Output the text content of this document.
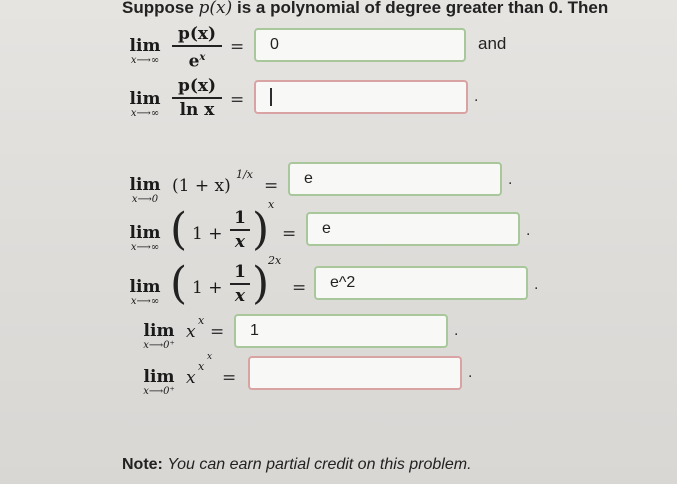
Suppose p(x) is a polynomial of degree greater than 0. Then
lim
x⟶∞
p(x)
$e^x$
=	0	and
lim
x⟶∞
p(x)
ln x =	.
lim
x⟶0
(1 + x)
1/x
=	e	.
lim
x⟶∞ ( 1 +
1
x )
x
=	e	.
lim
x⟶∞ ( 1 +
1
x )
2x
=	e^2	.
lim
x⟶0⁺
x
x
=	1	.
lim
x⟶0⁺
x
x
x
=	.
Note: You can earn partial credit on this problem.
